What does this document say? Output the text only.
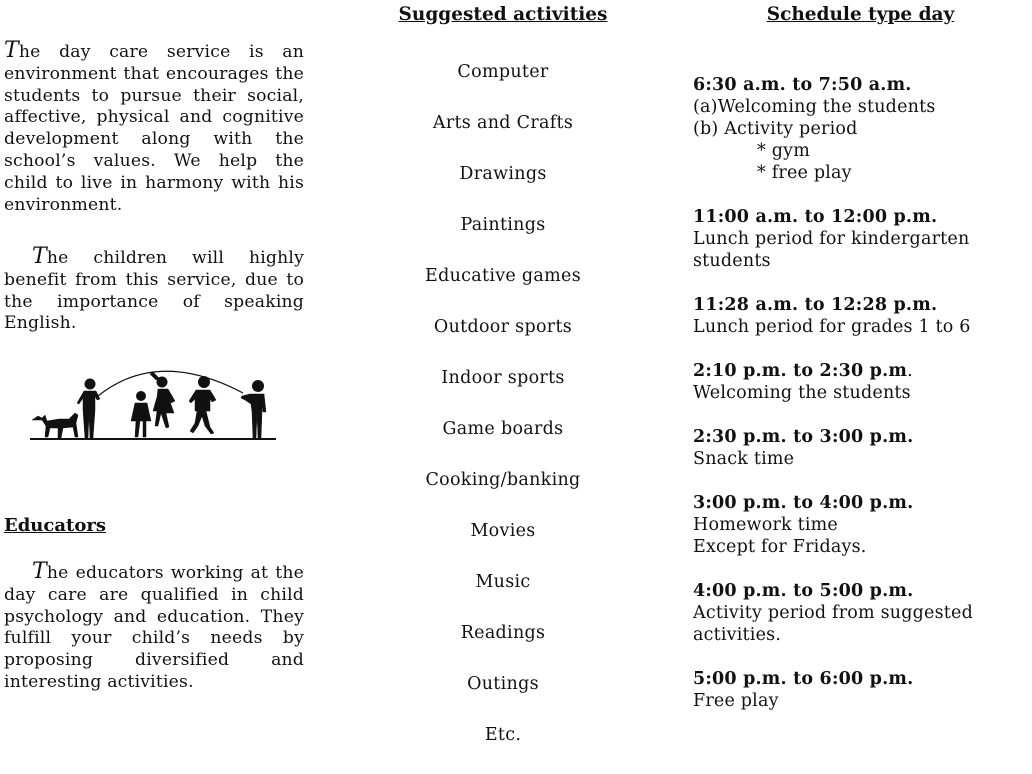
The day care service is an environment that encourages the students to pursue their social, affective, physical and cognitive development along with the school’s values. We help the child to live in harmony with his environment.

The children will highly benefit from this service, due to the importance of speaking English.

Educators

The educators working at the day care are qualified in child psychology and education. They fulfill your child’s needs by proposing diversified and interesting activities.

Suggested activities
Computer
Arts and Crafts
Drawings
Paintings
Educative games
Outdoor sports
Indoor sports
Game boards
Cooking/banking
Movies
Music
Readings
Outings
Etc.
Schedule type day
6:30 a.m. to 7:50 a.m.
(a)Welcoming the students
(b) Activity period
* gym
* free play
11:00 a.m. to 12:00 p.m.
Lunch period for kindergarten students
11:28 a.m. to 12:28 p.m.
Lunch period for grades 1 to 6
2:10 p.m. to 2:30 p.m.
Welcoming the students
2:30 p.m. to 3:00 p.m.
Snack time
3:00 p.m. to 4:00 p.m.
Homework time
Except for Fridays.
4:00 p.m. to 5:00 p.m.
Activity period from suggested activities.
5:00 p.m. to 6:00 p.m.
Free play
